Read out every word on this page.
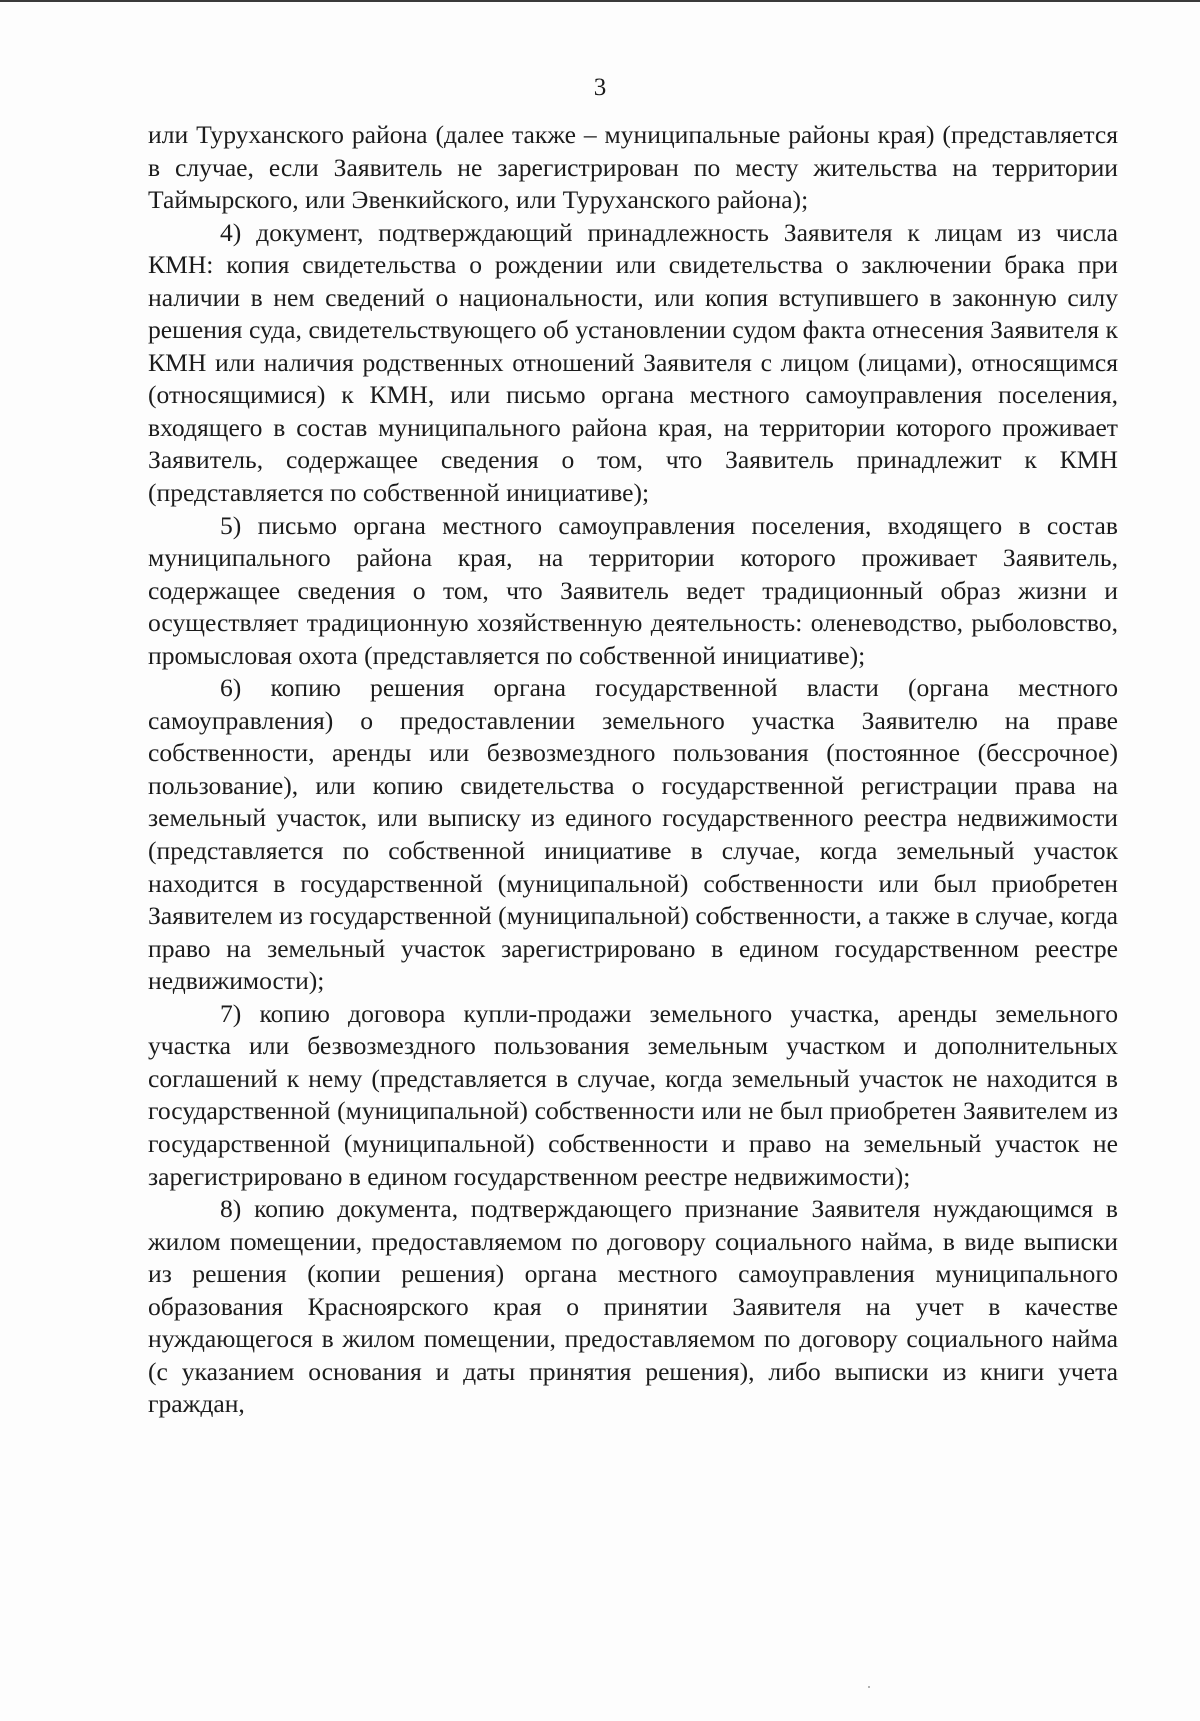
3

или Туруханского района (далее также – муниципальные районы края) (представляется в случае, если Заявитель не зарегистрирован по месту жительства на территории Таймырского, или Эвенкийского, или Туруханского района);

4) документ, подтверждающий принадлежность Заявителя к лицам из числа КМН: копия свидетельства о рождении или свидетельства о заключении брака при наличии в нем сведений о национальности, или копия вступившего в законную силу решения суда, свидетельствующего об установлении судом факта отнесения Заявителя к КМН или наличия родственных отношений Заявителя с лицом (лицами), относящимся (относящимися) к КМН, или письмо органа местного самоуправления поселения, входящего в состав муниципального района края, на территории которого проживает Заявитель, содержащее сведения о том, что Заявитель принадлежит к КМН (представляется по собственной инициативе);

5) письмо органа местного самоуправления поселения, входящего в состав муниципального района края, на территории которого проживает Заявитель, содержащее сведения о том, что Заявитель ведет традиционный образ жизни и осуществляет традиционную хозяйственную деятельность: оленеводство, рыболовство, промысловая охота (представляется по собственной инициативе);

6) копию решения органа государственной власти (органа местного самоуправления) о предоставлении земельного участка Заявителю на праве собственности, аренды или безвозмездного пользования (постоянное (бессрочное) пользование), или копию свидетельства о государственной регистрации права на земельный участок, или выписку из единого государственного реестра недвижимости (представляется по собственной инициативе в случае, когда земельный участок находится в государственной (муниципальной) собственности или был приобретен Заявителем из государственной (муниципальной) собственности, а также в случае, когда право на земельный участок зарегистрировано в едином государственном реестре недвижимости);

7) копию договора купли-продажи земельного участка, аренды земельного участка или безвозмездного пользования земельным участком и дополнительных соглашений к нему (представляется в случае, когда земельный участок не находится в государственной (муниципальной) собственности или не был приобретен Заявителем из государственной (муниципальной) собственности и право на земельный участок не зарегистрировано в едином государственном реестре недвижимости);

8) копию документа, подтверждающего признание Заявителя нуждающимся в жилом помещении, предоставляемом по договору социального найма, в виде выписки из решения (копии решения) органа местного самоуправления муниципального образования Красноярского края о принятии Заявителя на учет в качестве нуждающегося в жилом помещении, предоставляемом по договору социального найма (с указанием основания и даты принятия решения), либо выписки из книги учета граждан,
